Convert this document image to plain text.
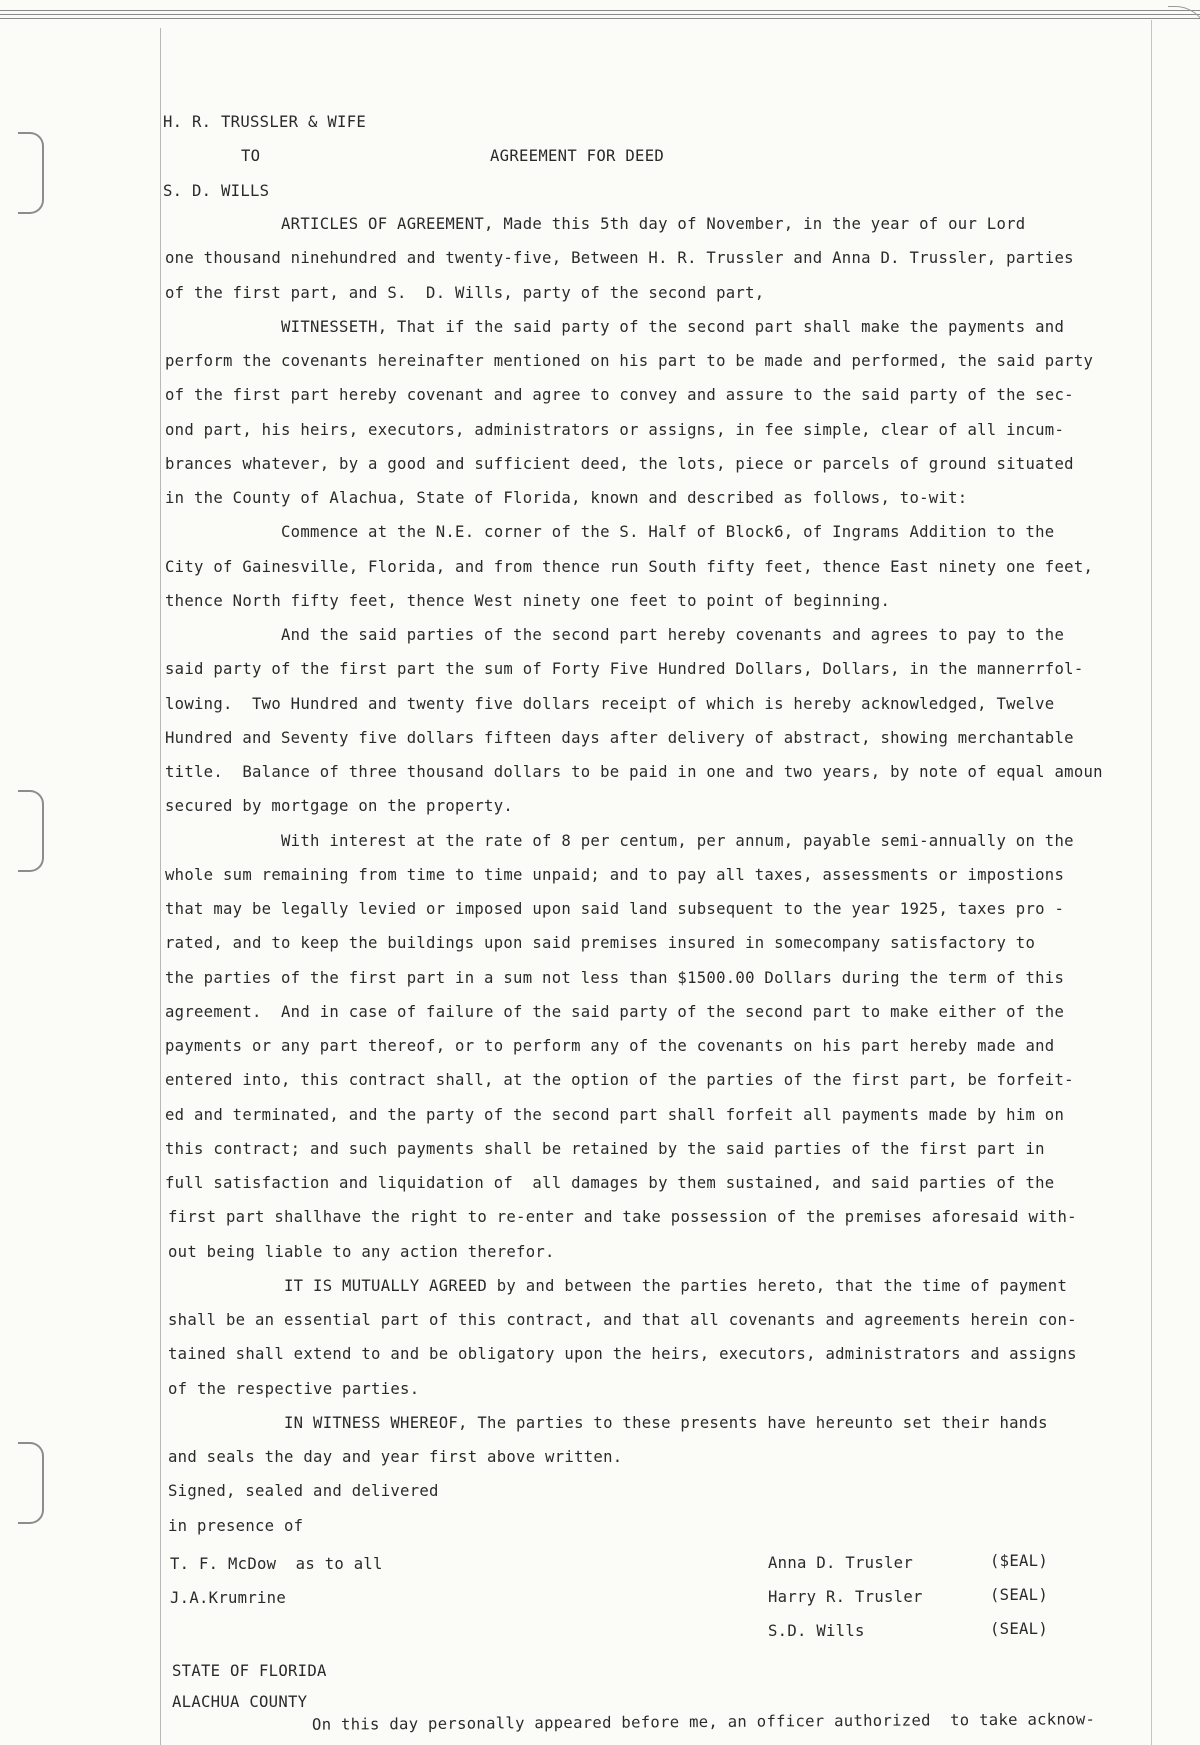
H. R. TRUSSLER & WIFE
TO	AGREEMENT FOR DEED
S. D. WILLS
ARTICLES OF AGREEMENT, Made this 5th day of November, in the year of our Lord
one thousand ninehundred and twenty-five, Between H. R. Trussler and Anna D. Trussler, parties
of the first part, and S.  D. Wills, party of the second part,
WITNESSETH, That if the said party of the second part shall make the payments and
perform the covenants hereinafter mentioned on his part to be made and performed, the said party
of the first part hereby covenant and agree to convey and assure to the said party of the sec-
ond part, his heirs, executors, administrators or assigns, in fee simple, clear of all incum-
brances whatever, by a good and sufficient deed, the lots, piece or parcels of ground situated
in the County of Alachua, State of Florida, known and described as follows, to-wit:
Commence at the N.E. corner of the S. Half of Block6, of Ingrams Addition to the
City of Gainesville, Florida, and from thence run South fifty feet, thence East ninety one feet,
thence North fifty feet, thence West ninety one feet to point of beginning.
And the said parties of the second part hereby covenants and agrees to pay to the
said party of the first part the sum of Forty Five Hundred Dollars, Dollars, in the mannerrfol-
lowing.  Two Hundred and twenty five dollars receipt of which is hereby acknowledged, Twelve
Hundred and Seventy five dollars fifteen days after delivery of abstract, showing merchantable
title.  Balance of three thousand dollars to be paid in one and two years, by note of equal amoun
secured by mortgage on the property.
With interest at the rate of 8 per centum, per annum, payable semi-annually on the
whole sum remaining from time to time unpaid; and to pay all taxes, assessments or impostions
that may be legally levied or imposed upon said land subsequent to the year 1925, taxes pro -
rated, and to keep the buildings upon said premises insured in somecompany satisfactory to
the parties of the first part in a sum not less than $1500.00 Dollars during the term of this
agreement.  And in case of failure of the said party of the second part to make either of the
payments or any part thereof, or to perform any of the covenants on his part hereby made and
entered into, this contract shall, at the option of the parties of the first part, be forfeit-
ed and terminated, and the party of the second part shall forfeit all payments made by him on
this contract; and such payments shall be retained by the said parties of the first part in
full satisfaction and liquidation of  all damages by them sustained, and said parties of the
first part shallhave the right to re-enter and take possession of the premises aforesaid with-
out being liable to any action therefor.
IT IS MUTUALLY AGREED by and between the parties hereto, that the time of payment
shall be an essential part of this contract, and that all covenants and agreements herein con-
tained shall extend to and be obligatory upon the heirs, executors, administrators and assigns
of the respective parties.
IN WITNESS WHEREOF, The parties to these presents have hereunto set their hands
and seals the day and year first above written.
Signed, sealed and delivered
in presence of
T. F. McDow  as to all
J.A.Krumrine
Anna D. Trusler	($EAL)
Harry R. Trusler	(SEAL)
S.D. Wills	(SEAL)
STATE OF FLORIDA
ALACHUA COUNTY
On this day personally appeared before me, an officer authorized  to take acknow-
